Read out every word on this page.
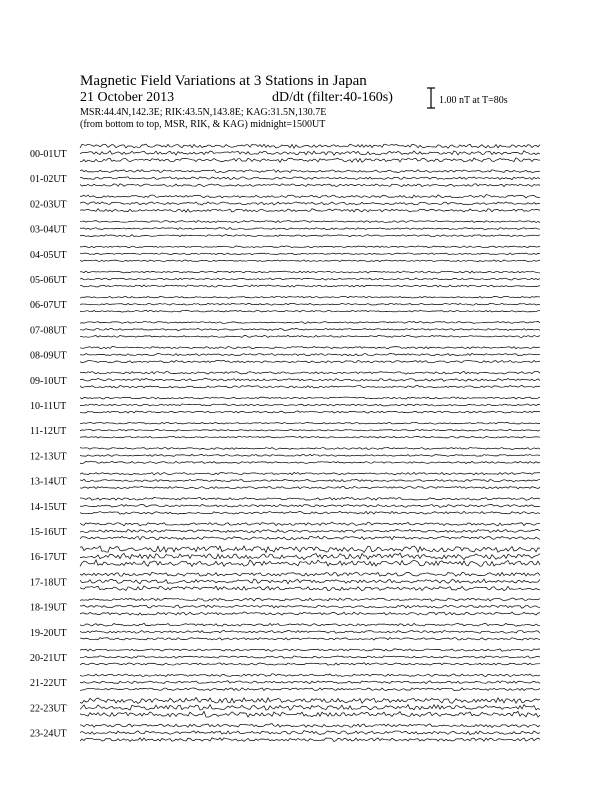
Magnetic Field Variations at 3 Stations in Japan
21 October 2013	dD/dt (filter:40-160s)
MSR:44.4N,142.3E; RIK:43.5N,143.8E; KAG:31.5N,130.7E
(from bottom to top, MSR, RIK, & KAG) midnight=1500UT
1.00 nT at T=80s
00-01UT
01-02UT
02-03UT
03-04UT
04-05UT
05-06UT
06-07UT
07-08UT
08-09UT
09-10UT
10-11UT
11-12UT
12-13UT
13-14UT
14-15UT
15-16UT
16-17UT
17-18UT
18-19UT
19-20UT
20-21UT
21-22UT
22-23UT
23-24UT
